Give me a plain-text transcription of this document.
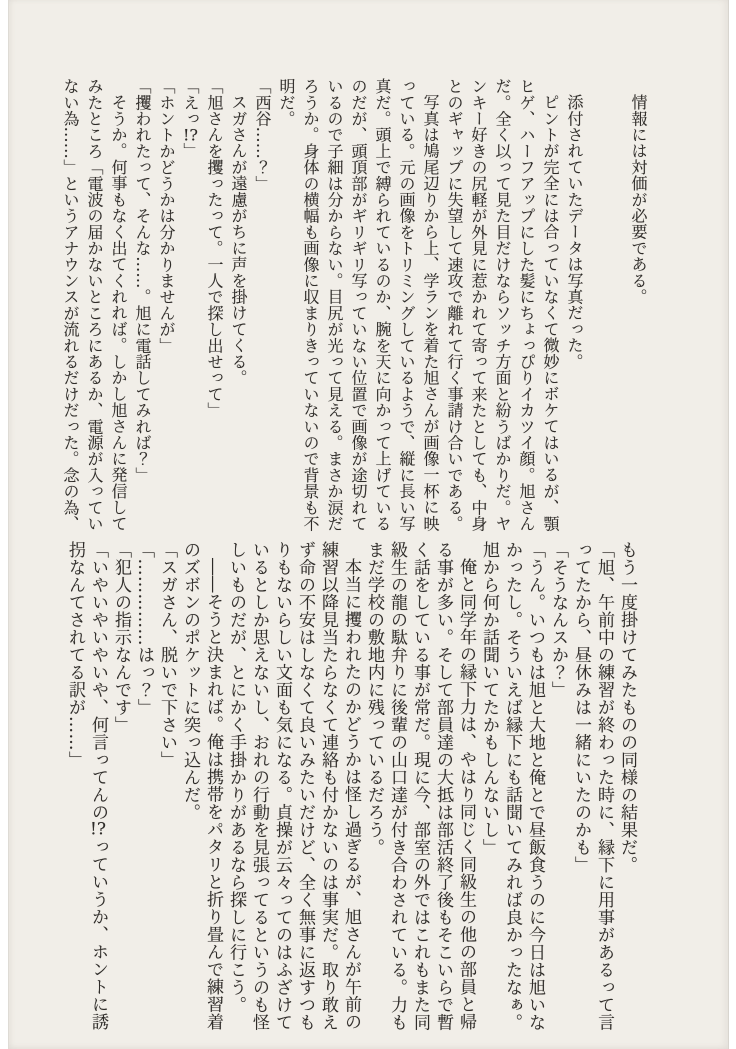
情報には対価が必要である。

添付されていたデータは写真だった。

ピントが完全には合っていなくて微妙にボケてはいるが、顎

ヒゲ、ハーフアップにした髪にちょっぴりイカツイ顔。旭さん

だ。全く以って見た目だけならソッチ方面と紛うばかりだ。ヤ

ンキー好きの尻軽が外見に惹かれて寄って来たとしても、中身

とのギャップに失望して速攻で離れて行く事請け合いである。

写真は鳩尾辺りから上、学ランを着た旭さんが画像一杯に映

っている。元の画像をトリミングしているようで、縦に長い写

真だ。頭上で縛られているのか、腕を天に向かって上げている

のだが、頭頂部がギリギリ写っていない位置で画像が途切れて

いるので子細は分からない。目尻が光って見える。まさか涙だ

ろうか。身体の横幅も画像に収まりきっていないので背景も不

明だ。

「西谷……？」

スガさんが遠慮がちに声を掛けてくる。

「旭さんを攫ったって。一人で探し出せって」

「えっ!?」

「ホントかどうかは分かりませんが」

「攫われたって、そんな……。旭に電話してみれば？」

そうか。何事もなく出てくれれば。しかし旭さんに発信して

みたところ「電波の届かないところにあるか、電源が入ってい

ない為……」というアナウンスが流れるだけだった。念の為、

もう一度掛けてみたものの同様の結果だ。

「旭、午前中の練習が終わった時に、縁下に用事があるって言

ってたから、昼休みは一緒にいたのかも」

「そうなんスか？」

「うん。いつもは旭と大地と俺とで昼飯食うのに今日は旭いな

かったし。そういえば縁下にも話聞いてみれば良かったなぁ。

旭から何か話聞いてたかもしんないし」

俺と同学年の縁下力は、やはり同じく同級生の他の部員と帰

る事が多い。そして部員達の大抵は部活終了後もそこいらで暫

く話をしている事が常だ。現に今、部室の外ではこれもまた同

級生の龍の駄弁りに後輩の山口達が付き合わされている。力も

まだ学校の敷地内に残っているだろう。

本当に攫われたのかどうかは怪し過ぎるが、旭さんが午前の

練習以降見当たらなくて連絡も付かないのは事実だ。取り敢え

ず命の不安はしなくて良いみたいだけど、全く無事に返すつも

りもないらしい文面も気になる。貞操が云々ってのはふざけて

いるとしか思えないし、おれの行動を見張ってるというのも怪

しいものだが、とにかく手掛かりがあるなら探しに行こう。

――そうと決まれば。俺は携帯をパタリと折り畳んで練習着

のズボンのポケットに突っ込んだ。

「スガさん、脱いで下さい」

「……………はっ？」

「犯人の指示なんです」

「いやいやいやいや、何言ってんの!?っていうか、ホントに誘

拐なんてされてる訳が……」
